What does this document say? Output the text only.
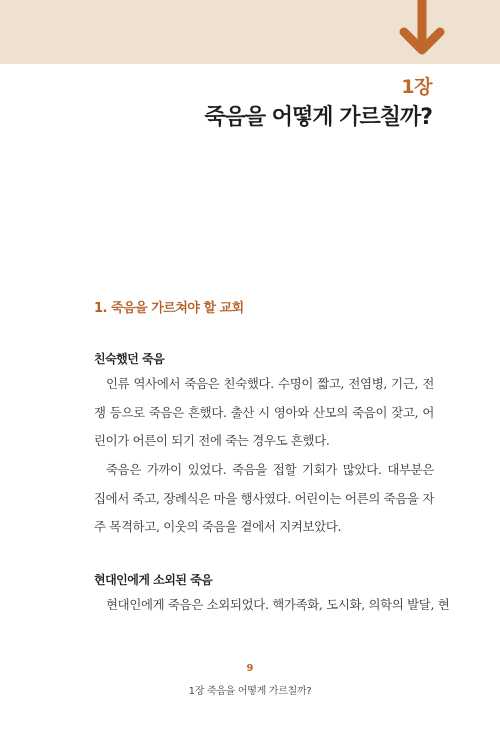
1장
죽음을 어떻게 가르칠까?
1. 죽음을 가르쳐야 할 교회
친숙했던 죽음

인류 역사에서 죽음은 친숙했다. 수명이 짧고, 전염병, 기근, 전쟁 등으로 죽음은 흔했다. 출산 시 영아와 산모의 죽음이 잦고, 어린이가 어른이 되기 전에 죽는 경우도 흔했다.

죽음은 가까이 있었다. 죽음을 접할 기회가 많았다. 대부분은 집에서 죽고, 장례식은 마을 행사였다. 어린이는 어른의 죽음을 자주 목격하고, 이웃의 죽음을 곁에서 지켜보았다.

현대인에게 소외된 죽음

현대인에게 죽음은 소외되었다. 핵가족화, 도시화, 의학의 발달, 현

9
1장 죽음을 어떻게 가르칠까?
